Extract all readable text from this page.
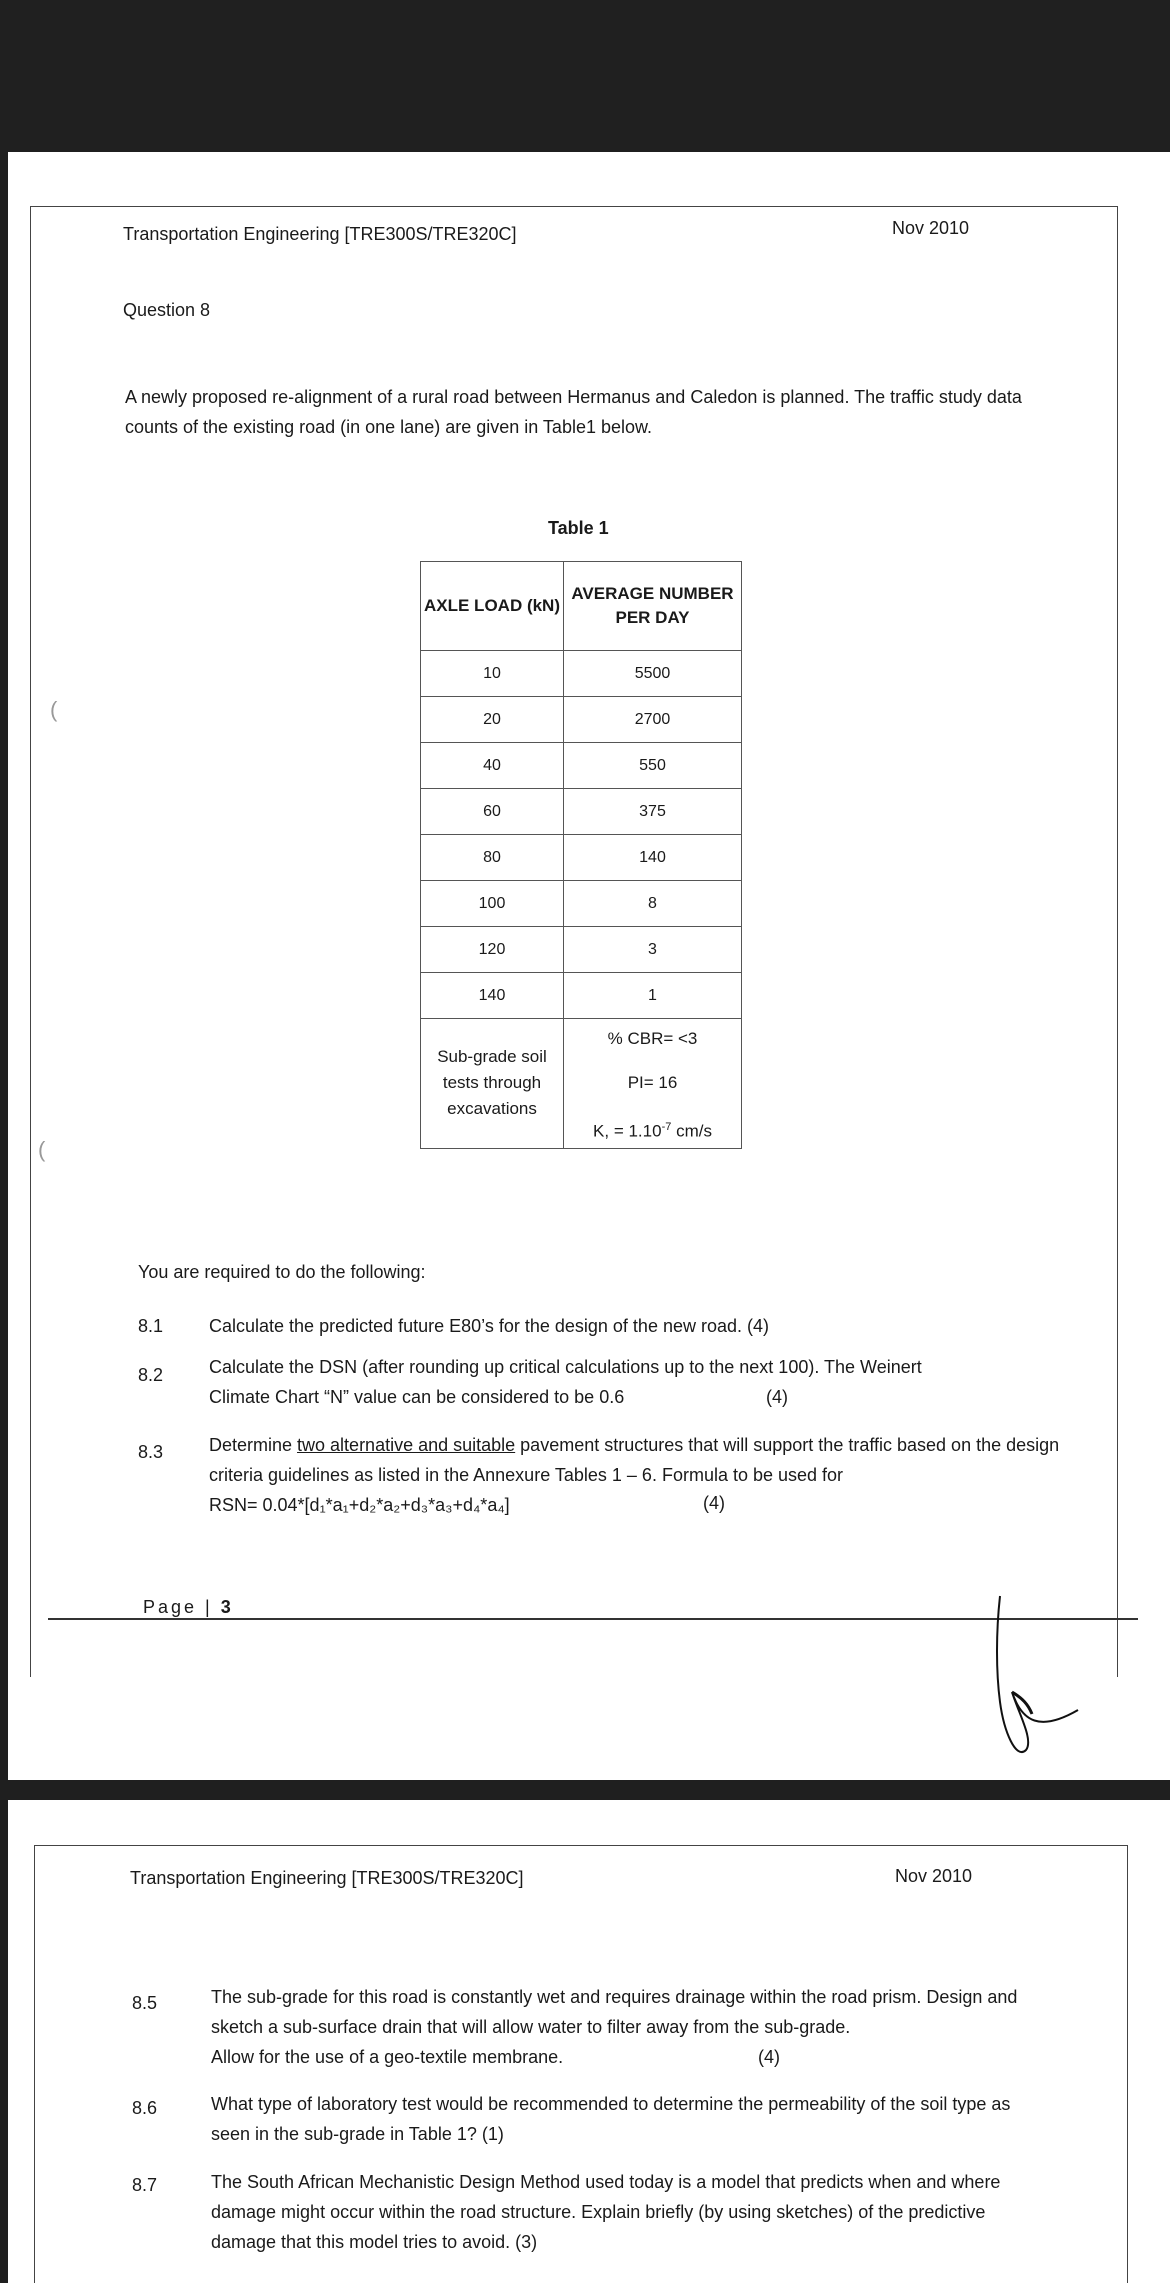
Transportation Engineering [TRE300S/TRE320C]	Nov 2010
Question 8
A newly proposed re-alignment of a rural road between Hermanus and Caledon is planned. The traffic study data counts of the existing road (in one lane) are given in Table1 below.
Table 1
AXLE LOAD (kN)	AVERAGE NUMBER PER DAY
10	5500
20	2700
40	550
60	375
80	140
100	8
120	3
140	1
Sub-grade soil tests through excavations	% CBR= <3
PI= 16
K, = $1.10^{-7}$ cm/s
You are required to do the following:
8.1	Calculate the predicted future E80’s for the design of the new road. (4)
8.2	Calculate the DSN (after rounding up critical calculations up to the next 100). The Weinert
Climate Chart “N” value can be considered to be 0.6	(4)
8.3	Determine two alternative and suitable pavement structures that will support the traffic based on the design criteria guidelines as listed in the Annexure Tables 1 – 6. Formula to be used for
RSN= 0.04*[d₁*a₁+d₂*a₂+d₃*a₃+d₄*a₄]	(4)
Page | 3
(
(
Transportation Engineering [TRE300S/TRE320C]	Nov 2010
8.5	The sub-grade for this road is constantly wet and requires drainage within the road prism. Design and sketch a sub-surface drain that will allow water to filter away from the sub-grade.
Allow for the use of a geo-textile membrane.	(4)
8.6	What type of laboratory test would be recommended to determine the permeability of the soil type as seen in the sub-grade in Table 1? (1)
8.7	The South African Mechanistic Design Method used today is a model that predicts when and where damage might occur within the road structure. Explain briefly (by using sketches) of the predictive damage that this model tries to avoid. (3)
